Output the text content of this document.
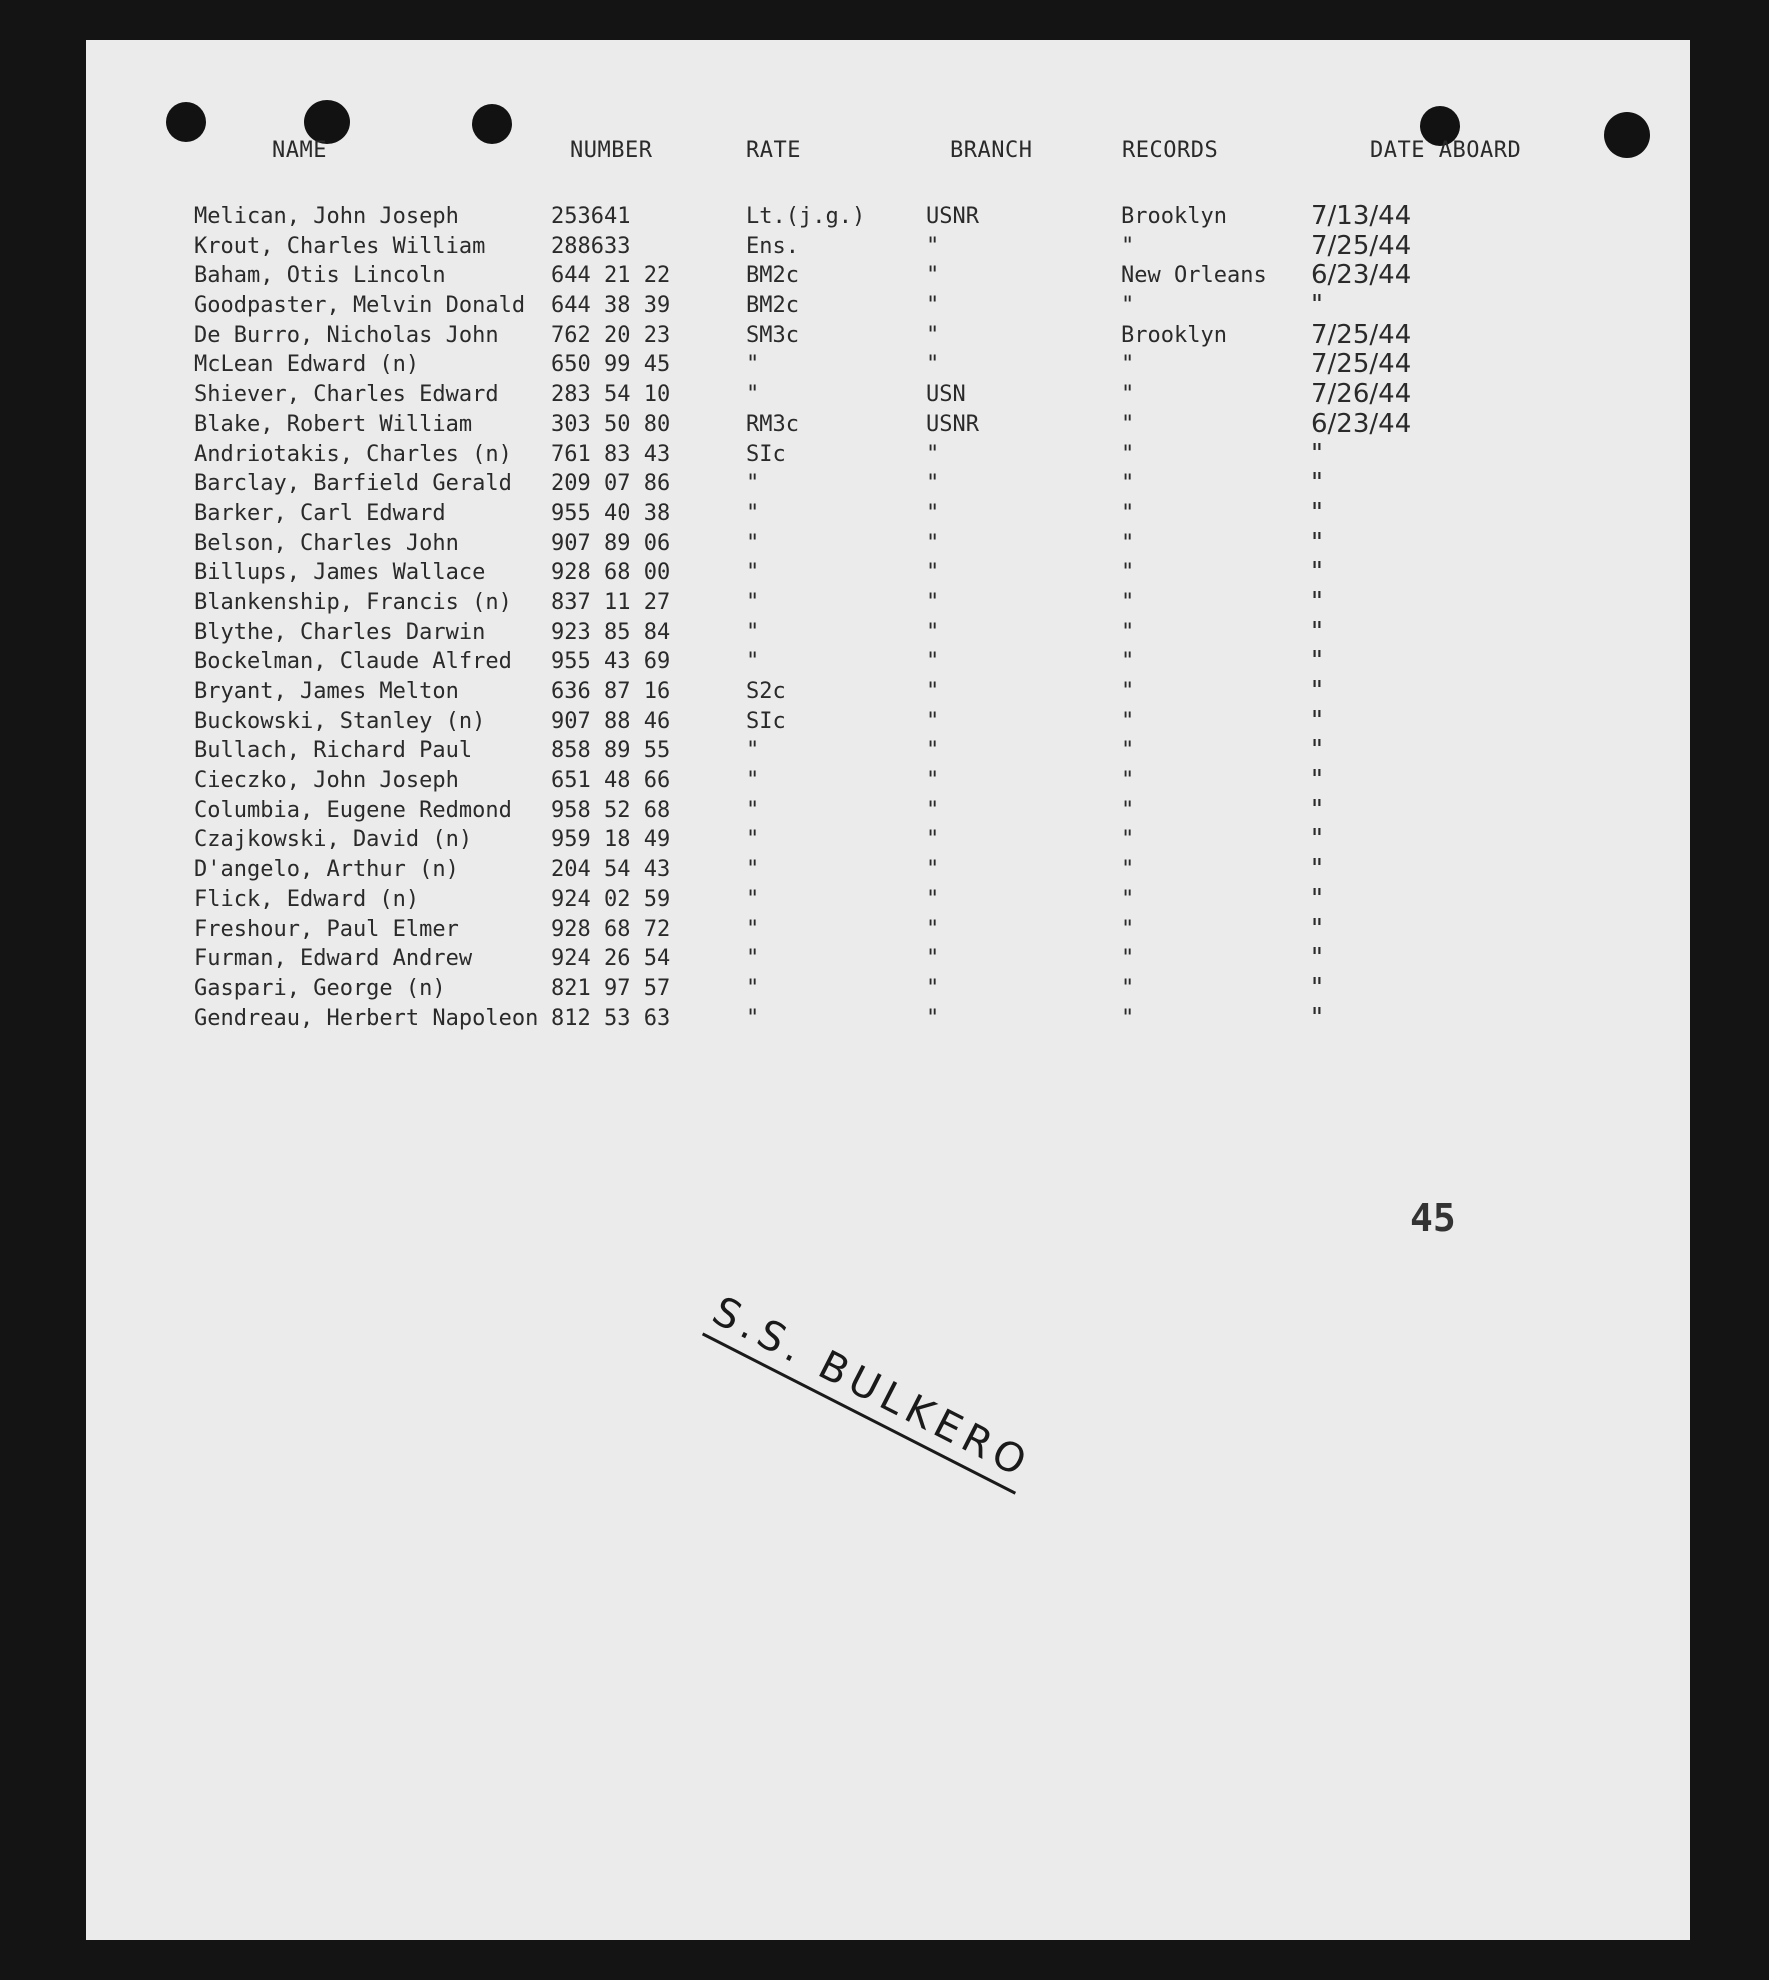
NAME	NUMBER	RATE	BRANCH	RECORDS	DATE ABOARD
Melican, John Joseph	253641	Lt.(j.g.)	USNR	Brooklyn	7/13/44
Krout, Charles William	288633	Ens.	"	"	7/25/44
Baham, Otis Lincoln	644 21 22	BM2c	"	New Orleans 6/23/44
Goodpaster, Melvin Donald 644 38 39	BM2c	"	"	"
De Burro, Nicholas John 762 20 23	SM3c	"	Brooklyn	7/25/44
McLean Edward (n)	650 99 45	"	"	"	7/25/44
Shiever, Charles Edward 283 54 10	"	USN	"	7/26/44
Blake, Robert William	303 50 80	RM3c	USNR	"	6/23/44
Andriotakis, Charles (n) 761 83 43	SIc	"	"	"
Barclay, Barfield Gerald 209 07 86	"	"	"	"
Barker, Carl Edward	955 40 38	"	"	"	"
Belson, Charles John	907 89 06	"	"	"	"
Billups, James Wallace	928 68 00	"	"	"	"
Blankenship, Francis (n) 837 11 27	"	"	"	"
Blythe, Charles Darwin	923 85 84	"	"	"	"
Bockelman, Claude Alfred 955 43 69	"	"	"	"
Bryant, James Melton	636 87 16	S2c	"	"	"
Buckowski, Stanley (n)	907 88 46	SIc	"	"	"
Bullach, Richard Paul	858 89 55	"	"	"	"
Cieczko, John Joseph	651 48 66	"	"	"	"
Columbia, Eugene Redmond 958 52 68	"	"	"	"
Czajkowski, David (n)	959 18 49	"	"	"	"
D'angelo, Arthur (n)	204 54 43	"	"	"	"
Flick, Edward (n)	924 02 59	"	"	"	"
Freshour, Paul Elmer	928 68 72	"	"	"	"
Furman, Edward Andrew	924 26 54	"	"	"	"
Gaspari, George (n)	821 97 57	"	"	"	"
Gendreau, Herbert Napoleon 812 53 63	"	"	"	"
S.S. BULKERO
45
